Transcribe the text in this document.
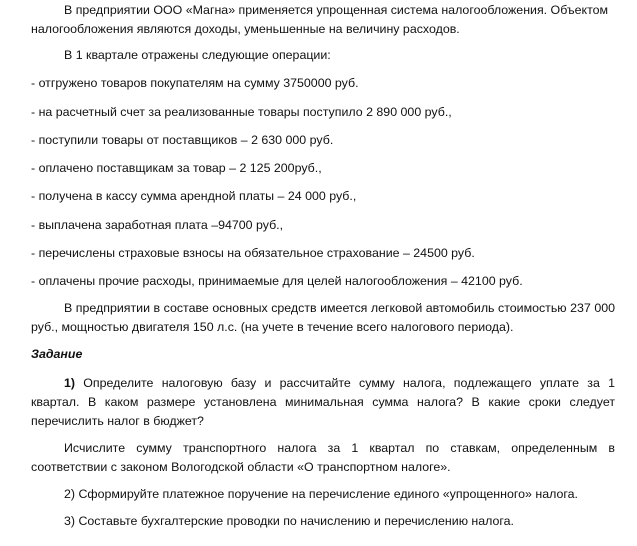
В предприятии ООО «Магна» применяется упрощенная система налогообложения. Объектом
налогообложения являются доходы, уменьшенные на величину расходов.
В 1 квартале отражены следующие операции:
- отгружено товаров покупателям на сумму 3750000 руб.
- на расчетный счет за реализованные товары поступило 2 890 000 руб.,
- поступили товары от поставщиков – 2 630 000 руб.
- оплачено поставщикам за товар – 2 125 200руб.,
- получена в кассу сумма арендной платы – 24 000 руб.,
- выплачена заработная плата –94700 руб.,
- перечислены страховые взносы на обязательное страхование – 24500 руб.
- оплачены прочие расходы, принимаемые для целей налогообложения – 42100 руб.
В предприятии в составе основных средств имеется легковой автомобиль стоимостью 237 000
руб., мощностью двигателя 150 л.с. (на учете в течение всего налогового периода).
Задание
1) Определите налоговую базу и рассчитайте сумму налога, подлежащего уплате за 1
квартал. В каком размере установлена минимальная сумма налога? В какие сроки следует
перечислить налог в бюджет?
Исчислите сумму транспортного налога за 1 квартал по ставкам, определенным в
соответствии с законом Вологодской области «О транспортном налоге».
2) Сформируйте платежное поручение на перечисление единого «упрощенного» налога.
3) Составьте бухгалтерские проводки по начислению и перечислению налога.
